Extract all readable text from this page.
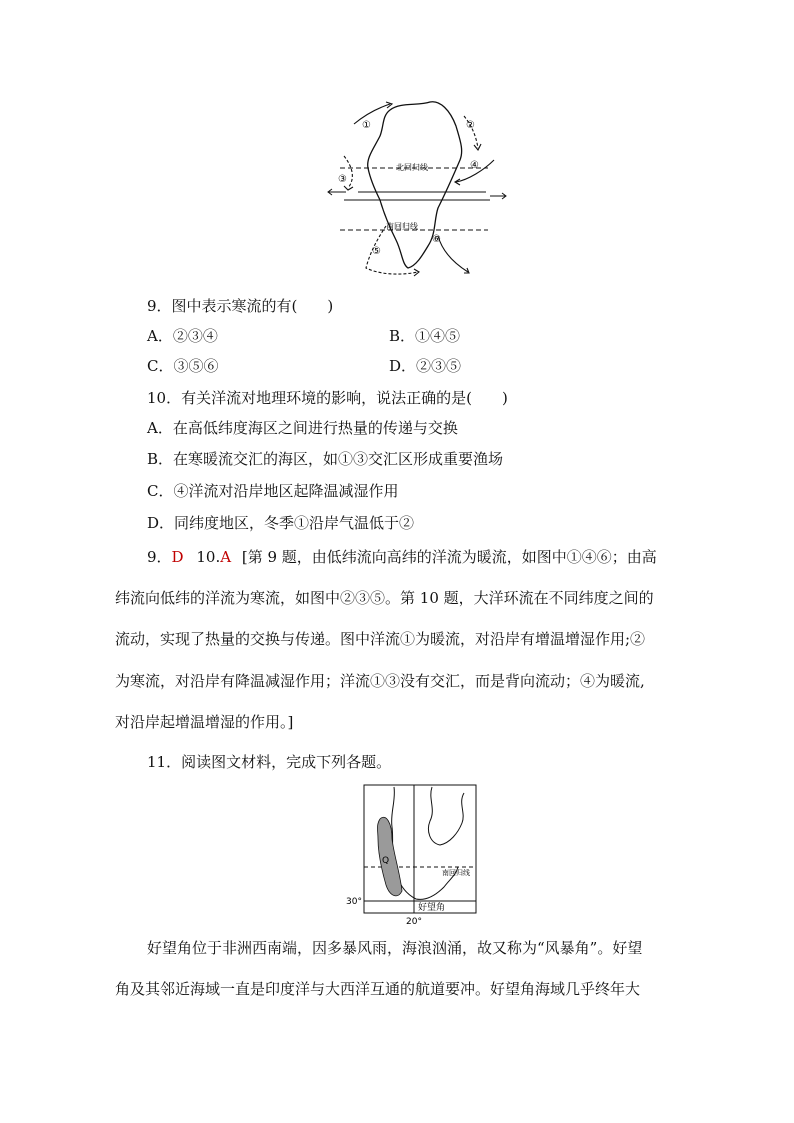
①	②
③
④
⑤
⑥
北回归线
南回归线
9．图中表示寒流的有(　　)
A．②③④	B．①④⑤
C．③⑤⑥	D．②③⑤
10．有关洋流对地理环境的影响，说法正确的是(　　)
A．在高低纬度海区之间进行热量的传递与交换
B．在寒暖流交汇的海区，如①③交汇区形成重要渔场
C．④洋流对沿岸地区起降温减湿作用
D．同纬度地区，冬季①沿岸气温低于②
9．D 10.A [第 9 题，由低纬流向高纬的洋流为暖流，如图中①④⑥；由高
纬流向低纬的洋流为寒流，如图中②③⑤。第 10 题，大洋环流在不同纬度之间的
流动，实现了热量的交换与传递。图中洋流①为暖流，对沿岸有增温增湿作用;②
为寒流，对沿岸有降温减湿作用；洋流①③没有交汇，而是背向流动；④为暖流,
对沿岸起增温增湿的作用。]
11．阅读图文材料，完成下列各题。
Q
南回归线
30°
好望角
20°
好望角位于非洲西南端，因多暴风雨，海浪汹涌，故又称为“风暴角”。好望
角及其邻近海域一直是印度洋与大西洋互通的航道要冲。好望角海域几乎终年大
